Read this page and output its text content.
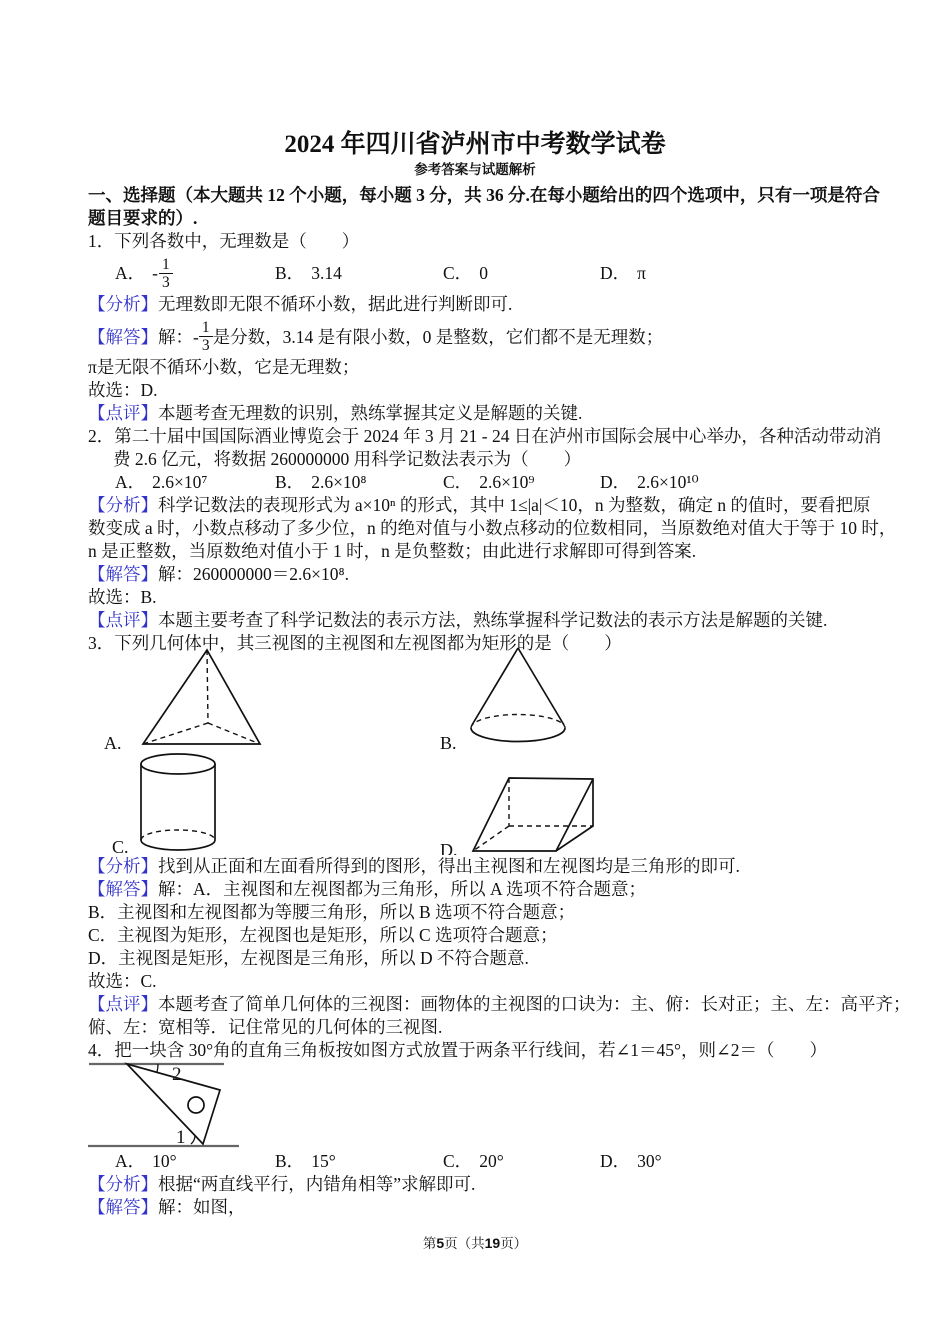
2024 年四川省泸州市中考数学试卷
参考答案与试题解析
一、选择题（本大题共 12 个小题，每小题 3 分，共 36 分.在每小题给出的四个选项中，只有一项是符合
题目要求的）.
1．下列各数中，无理数是（　　）
A． - $\frac{1}{3}$	B． 3.14	C． 0	D． π
【分析】无理数即无限不循环小数，据此进行判断即可.
【解答】 解：- $\frac{1}{3}$ 是分数，3.14 是有限小数，0 是整数，它们都不是无理数；
π是无限不循环小数，它是无理数；
故选：D.
【点评】本题考查无理数的识别，熟练掌握其定义是解题的关键.
2．第二十届中国国际酒业博览会于 2024 年 3 月 21 - 24 日在泸州市国际会展中心举办，各种活动带动消
费 2.6 亿元，将数据 260000000 用科学记数法表示为（　　）
A． 2.6×10⁷	B． 2.6×10⁸	C． 2.6×10⁹	D． 2.6×10¹⁰
【分析】科学记数法的表现形式为 a×10ⁿ 的形式，其中 1≤|a|＜10，n 为整数，确定 n 的值时，要看把原
数变成 a 时，小数点移动了多少位，n 的绝对值与小数点移动的位数相同，当原数绝对值大于等于 10 时，
n 是正整数，当原数绝对值小于 1 时，n 是负整数；由此进行求解即可得到答案.
【解答】解：260000000＝2.6×10⁸.
故选：B.
【点评】本题主要考查了科学记数法的表示方法，熟练掌握科学记数法的表示方法是解题的关键.
3．下列几何体中，其三视图的主视图和左视图都为矩形的是（　　）
A.	B.
C.	D.
【分析】找到从正面和左面看所得到的图形，得出主视图和左视图均是三角形的即可.
【解答】解：A．主视图和左视图都为三角形，所以 A 选项不符合题意；
B．主视图和左视图都为等腰三角形，所以 B 选项不符合题意；
C．主视图为矩形，左视图也是矩形，所以 C 选项符合题意；
D．主视图是矩形，左视图是三角形，所以 D 不符合题意.
故选：C.
【点评】本题考查了简单几何体的三视图：画物体的主视图的口诀为：主、俯：长对正；主、左：高平齐；
俯、左：宽相等．记住常见的几何体的三视图.
4．把一块含 30°角的直角三角板按如图方式放置于两条平行线间，若∠1＝45°，则∠2＝（　　）
2
1
A． 10°	B． 15°	C． 20°	D． 30°
【分析】根据“两直线平行，内错角相等”求解即可.
【解答】解：如图，
第5页（共19页）
